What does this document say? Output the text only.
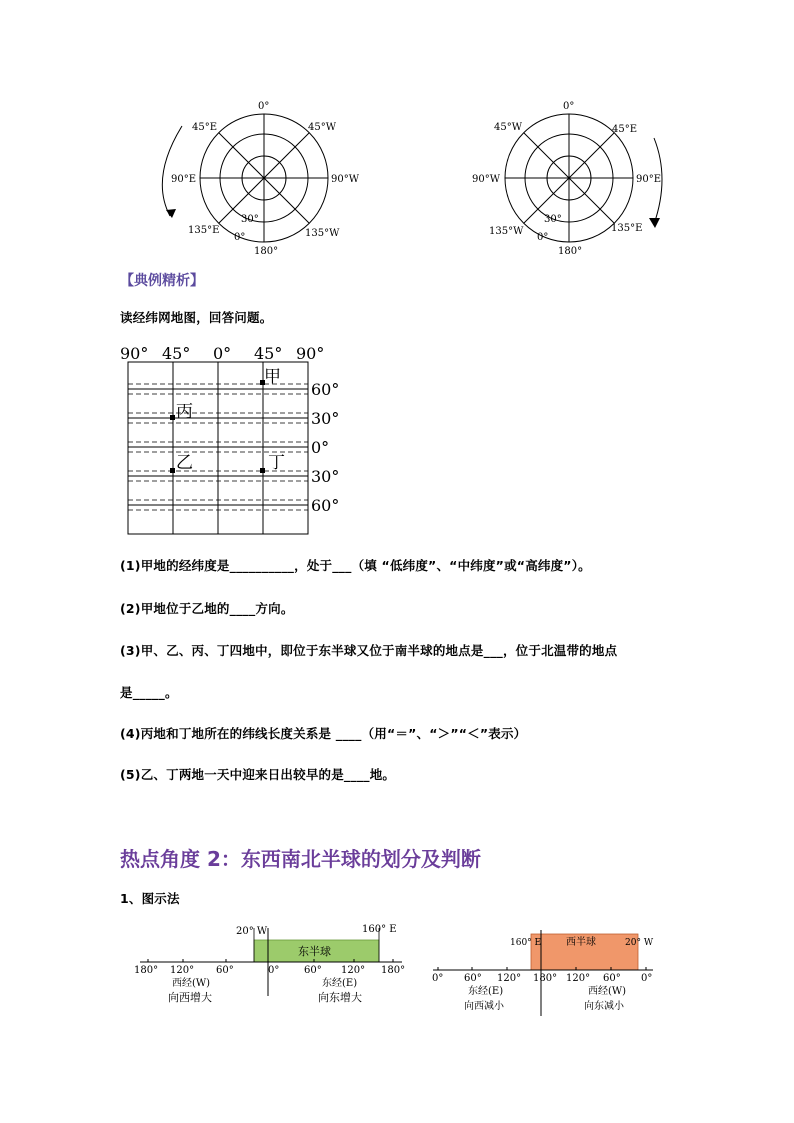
0°
45°E	45°W
90°E	90°W
135°E	135°W
180°
30°
0°
0°
45°W	45°E
90°W	90°E
135°W	135°E
180°
30°
0°
【典例精析】
读经纬网地图，回答问题。
90° 45° 0° 45° 90°
60°
30°
0°
30°
60°
甲
丙
乙	丁
(1)甲地的经纬度是__________，处于___（填 “低纬度”、“中纬度”或“高纬度”）。
(2)甲地位于乙地的____方向。
(3)甲、乙、丙、丁四地中，即位于东半球又位于南半球的地点是___，位于北温带的地点
是_____。
(4)丙地和丁地所在的纬线长度关系是 ____（用“＝”、“＞”“＜”表示）
(5)乙、丁两地一天中迎来日出较早的是____地。
热点角度 2：东西南北半球的划分及判断
1、图示法
20° W	160° E
东半球
180° 120° 60°	0° 60° 120° 180°
西经(W)
向西增大
东经(E)
向东增大
160° E 西半球	20° W
0° 60° 120° 180° 120° 60° 0°
东经(E)
向西减小
西经(W)
向东减小
